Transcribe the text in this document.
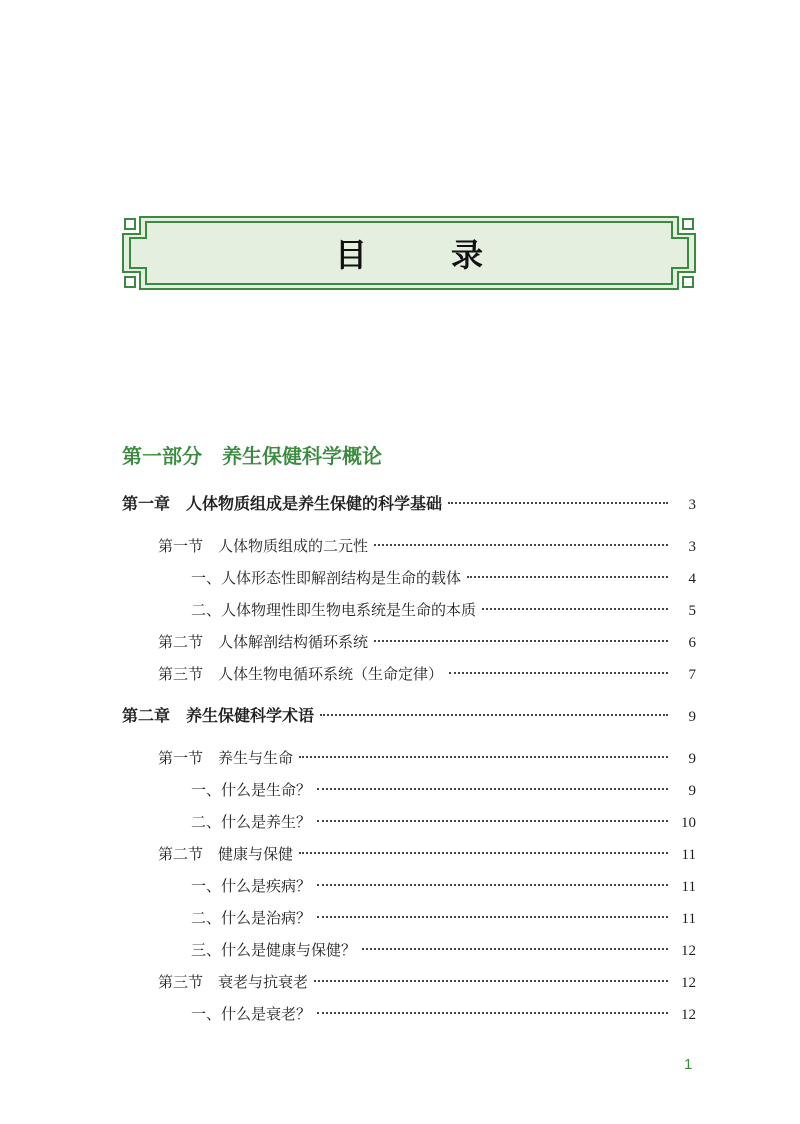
目　录
第一部分　养生保健科学概论
第一章　人体物质组成是养生保健的科学基础	3
第一节　人体物质组成的二元性	3
一、人体形态性即解剖结构是生命的载体	4
二、人体物理性即生物电系统是生命的本质	5
第二节　人体解剖结构循环系统	6
第三节　人体生物电循环系统（生命定律）	7
第二章　养生保健科学术语	9
第一节　养生与生命	9
一、什么是生命？	9
二、什么是养生？	10
第二节　健康与保健	11
一、什么是疾病？	11
二、什么是治病？	11
三、什么是健康与保健？	12
第三节　衰老与抗衰老	12
一、什么是衰老？	12
1
